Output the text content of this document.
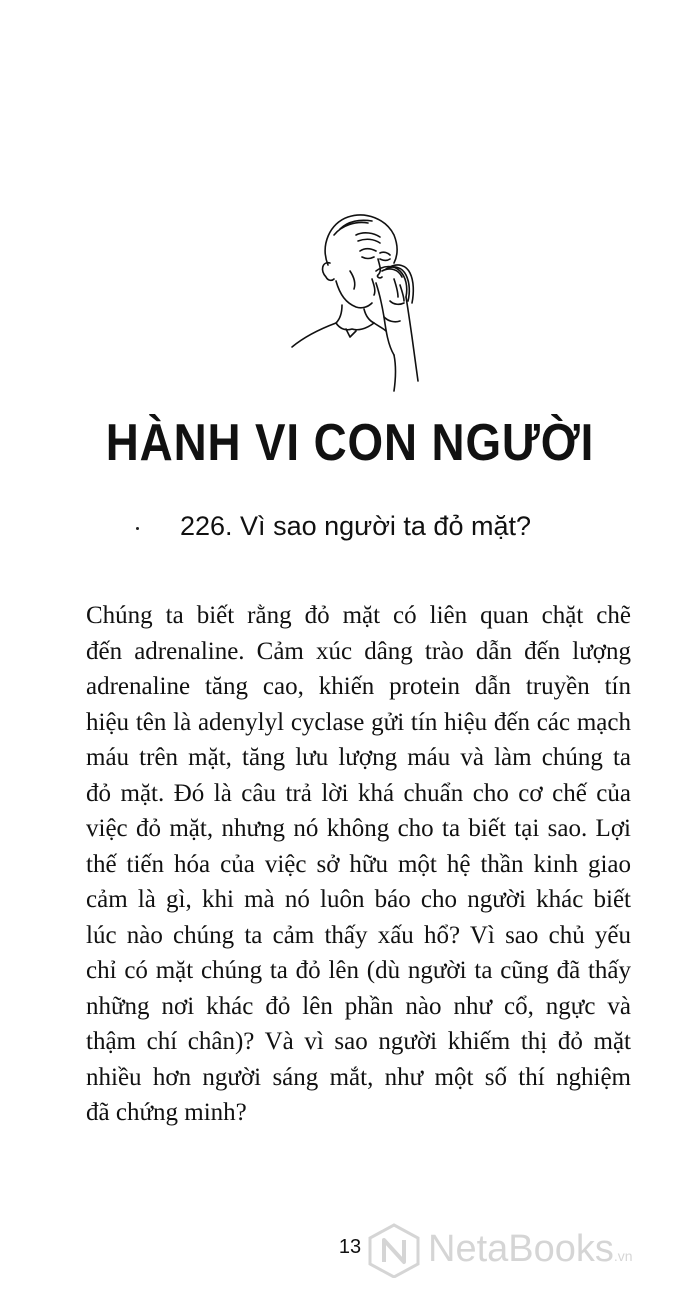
HÀNH VI CON NGƯỜI
226. Vì sao người ta đỏ mặt?
Chúng ta biết rằng đỏ mặt có liên quan chặt chẽ
đến adrenaline. Cảm xúc dâng trào dẫn đến lượng
adrenaline tăng cao, khiến protein dẫn truyền tín
hiệu tên là adenylyl cyclase gửi tín hiệu đến các mạch
máu trên mặt, tăng lưu lượng máu và làm chúng ta
đỏ mặt. Đó là câu trả lời khá chuẩn cho cơ chế của
việc đỏ mặt, nhưng nó không cho ta biết tại sao. Lợi
thế tiến hóa của việc sở hữu một hệ thần kinh giao
cảm là gì, khi mà nó luôn báo cho người khác biết
lúc nào chúng ta cảm thấy xấu hổ? Vì sao chủ yếu
chỉ có mặt chúng ta đỏ lên (dù người ta cũng đã thấy
những nơi khác đỏ lên phần nào như cổ, ngực và
thậm chí chân)? Và vì sao người khiếm thị đỏ mặt
nhiều hơn người sáng mắt, như một số thí nghiệm
đã chứng minh?
13 NetaBooks.vn
